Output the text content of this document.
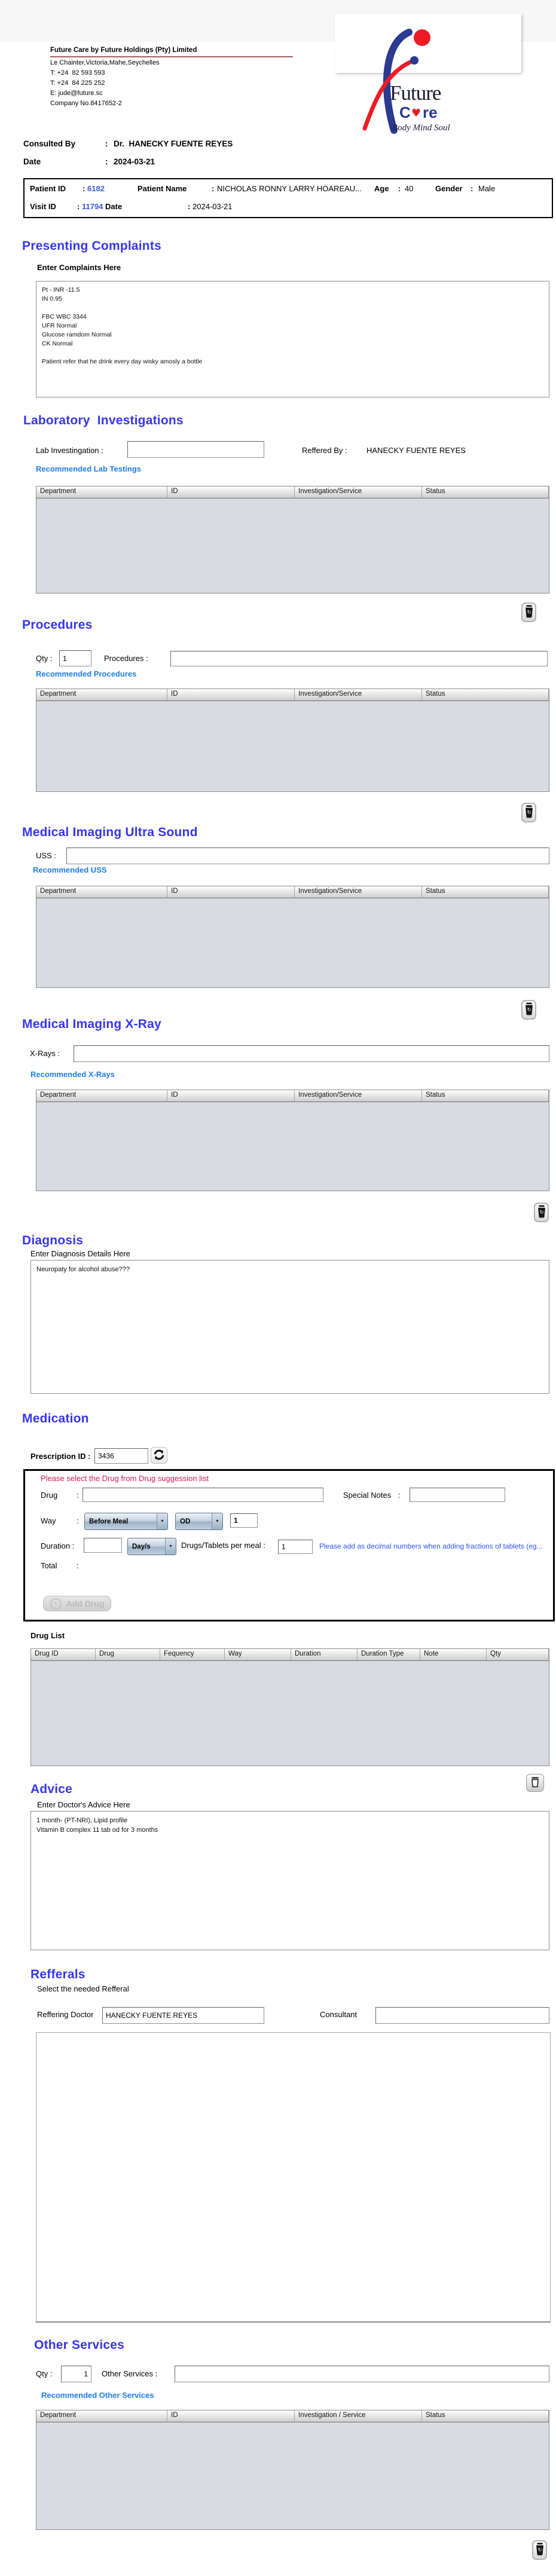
Future Care by Future Holdings (Pty) Limited
Le Chainter,Victoria,Mahe,Seychelles
T: +24  82 593 593
T: +24  84 225 252
E: jude@future.sc
Company No.8417652-2	Future
C ♥ re
Body Mind Soul
Consulted By	: Dr.  HANECKY FUENTE REYES
Date	: 2024-03-21
Patient ID : 6182	Patient Name	: NICHOLAS RONNY LARRY HOAREAU... Age : 40	Gender : Male
Visit ID	: 11794 Date	: 2024-03-21
Presenting Complaints
Enter Complaints Here
Pt - INR -11.5 IN 0.95 FBC WBC 3344 UFR Normal Glucose ramdom Normal CK Normal Patient refer that he drink every day wisky amosly a bottle
Laboratory  Investigations
Lab Investingation :	Reffered By : HANECKY FUENTE REYES
Recommended Lab Testings
Department	ID	Investigation/Service	Status
↻
Procedures
Qty :
1	Procedures :
Recommended Procedures
Department	ID	Investigation/Service	Status
↻
Medical Imaging Ultra Sound
USS :
Recommended USS
Department	ID	Investigation/Service	Status
↻
Medical Imaging X-Ray
X-Rays :
Recommended X-Rays
Department	ID	Investigation/Service	Status
↻
Diagnosis
Enter Diagnosis Details Here
Neuropaty for alcohol abuse???
Medication
Prescription ID :
3436
Please select the Drug from Drug suggession list
Drug :	Special Notes :
Way	:	Before Meal	▼	OD	▼
1
Duration :	Day/s	▼	Drugs/Tablets per meal :
1	Please add as decimal numbers when adding fractions of tablets (eg...
Total	:
+	Add Drug
Drug List
Drug ID	Drug	Fequency	Way	Duration	Duration Type	Note	Qty
Advice
Enter Doctor's Advice Here
1 month- (PT-NRI), Lipid profile Vitamin B complex 11 tab od for 3 months
Refferals
Select the needed Refferal
Reffering Doctor
HANECKY FUENTE REYES	Consultant
Other Services
Qty :
1	Other Services :
Recommended Other Services
Department	ID	Investigation / Service	Status
↻
